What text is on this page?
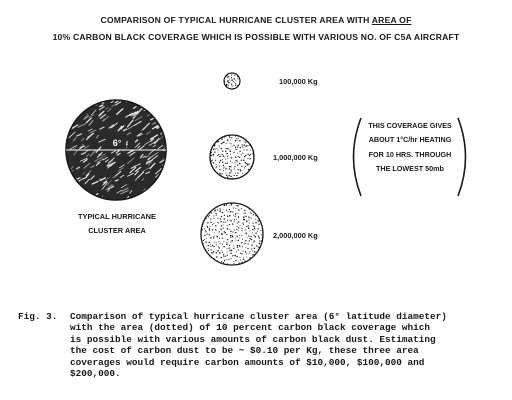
COMPARISON OF TYPICAL HURRICANE CLUSTER AREA WITH AREA OF
10% CARBON BLACK COVERAGE WHICH IS POSSIBLE WITH VARIOUS NO. OF C5A AIRCRAFT
6°
100,000 Kg
1,000,000 Kg
2,000,000 Kg
TYPICAL HURRICANE
CLUSTER AREA
THIS COVERAGE GIVES
ABOUT 1°C/hr HEATING
FOR 10 HRS. THROUGH
THE LOWEST 50mb
Fig. 3.	Comparison of typical hurricane cluster area (6° latitude diameter)
with the area (dotted) of 10 percent carbon black coverage which
is possible with various amounts of carbon black dust. Estimating
the cost of carbon dust to be ~ $0.10 per Kg, these three area
coverages would require carbon amounts of $10,000, $100,000 and
$200,000.
